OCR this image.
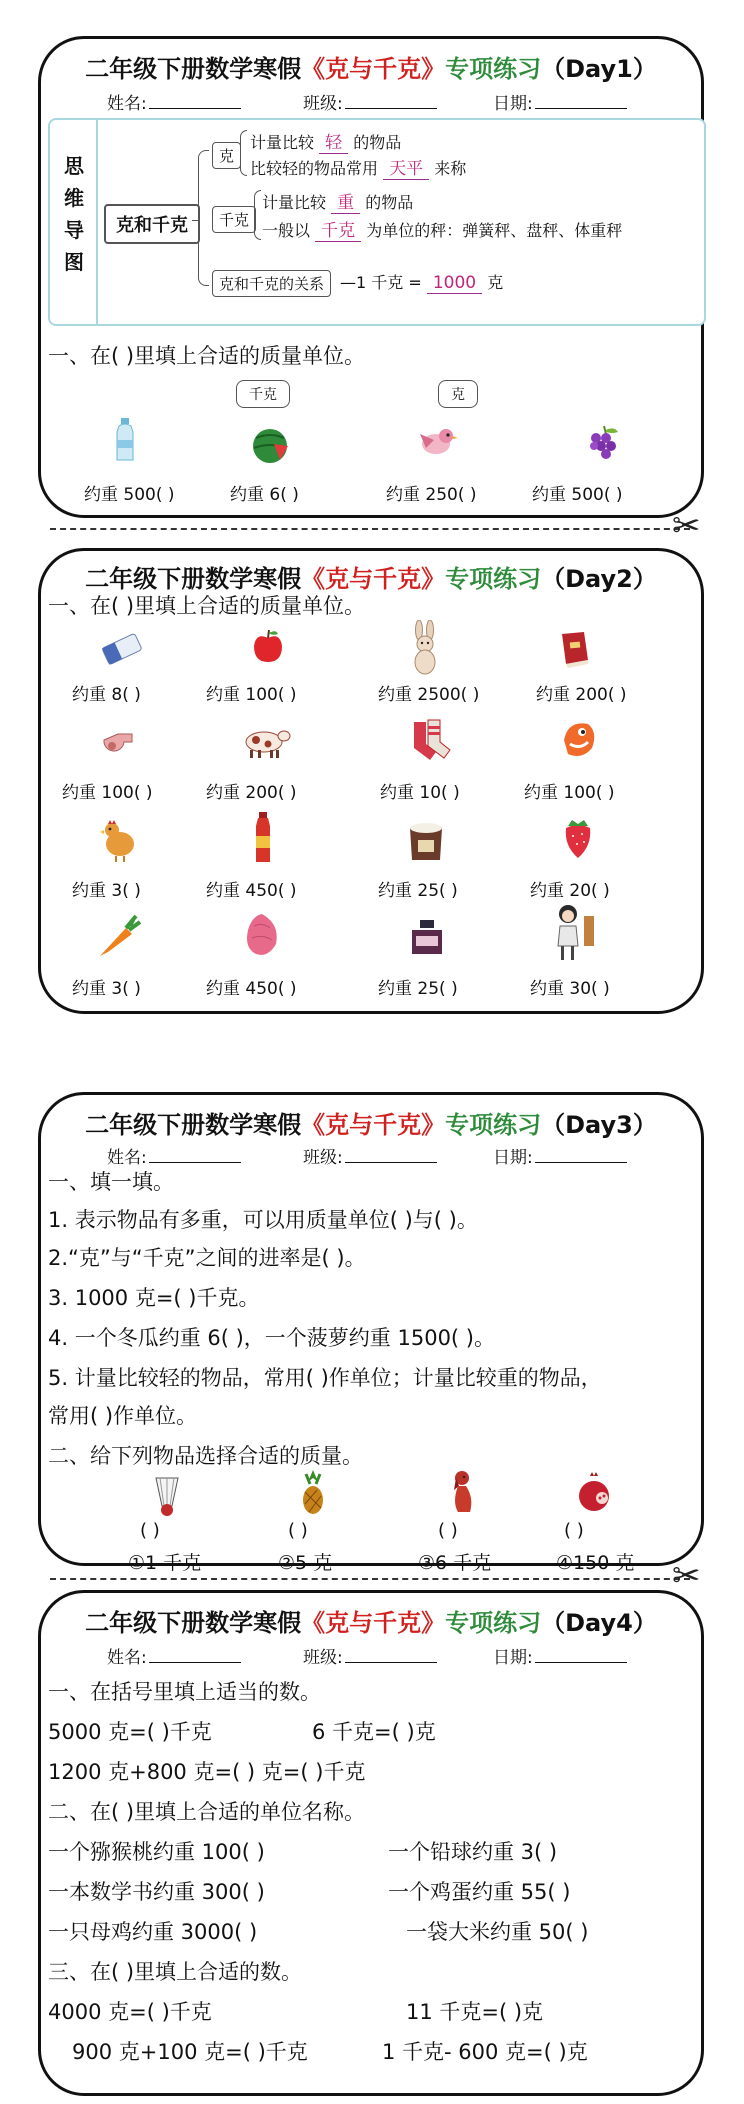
二年级下册数学寒假《克与千克》专项练习（Day1）
姓名:	班级:	日期:
思
维
导
图
克和千克
克
计量比较 轻 的物品
比较轻的物品常用 天平 来称
千克
计量比较 重 的物品
一般以 千克 为单位的秤：弹簧秤、盘秤、体重秤
克和千克的关系 —1 千克 = 1000 克
一、在( )里填上合适的质量单位。
千克	克
约重 500( )	约重 6( )	约重 250( )	约重 500( )
✂
二年级下册数学寒假《克与千克》专项练习（Day2）
一、在( )里填上合适的质量单位。
约重 8( )	约重 100( )	约重 2500( )	约重 200( )
约重 100( )	约重 200( )	约重 10( )	约重 100( )
约重 3( )	约重 450( )	约重 25( )	约重 20( )
约重 3( )	约重 450( )	约重 25( )	约重 30( )
二年级下册数学寒假《克与千克》专项练习（Day3）
姓名:	班级:	日期:
一、填一填。
1. 表示物品有多重，可以用质量单位( )与( )。
2.“克”与“千克”之间的进率是( )。
3. 1000 克=( )千克。
4. 一个冬瓜约重 6( )，一个菠萝约重 1500( )。
5. 计量比较轻的物品，常用( )作单位；计量比较重的物品，
常用( )作单位。
二、给下列物品选择合适的质量。
( )	( )	( )	( )
①1 千克	②5 克	③6 千克	④150 克 ✂
二年级下册数学寒假《克与千克》专项练习（Day4）
姓名:	班级:	日期:
一、在括号里填上适当的数。
5000 克=( )千克	6 千克=( )克
1200 克+800 克=( ) 克=( )千克
二、在( )里填上合适的单位名称。
一个猕猴桃约重 100( )	一个铅球约重 3( )
一本数学书约重 300( )	一个鸡蛋约重 55( )
一只母鸡约重 3000( )	一袋大米约重 50( )
三、在( )里填上合适的数。
4000 克=( )千克	11 千克=( )克
900 克+100 克=( )千克	1 千克- 600 克=( )克
